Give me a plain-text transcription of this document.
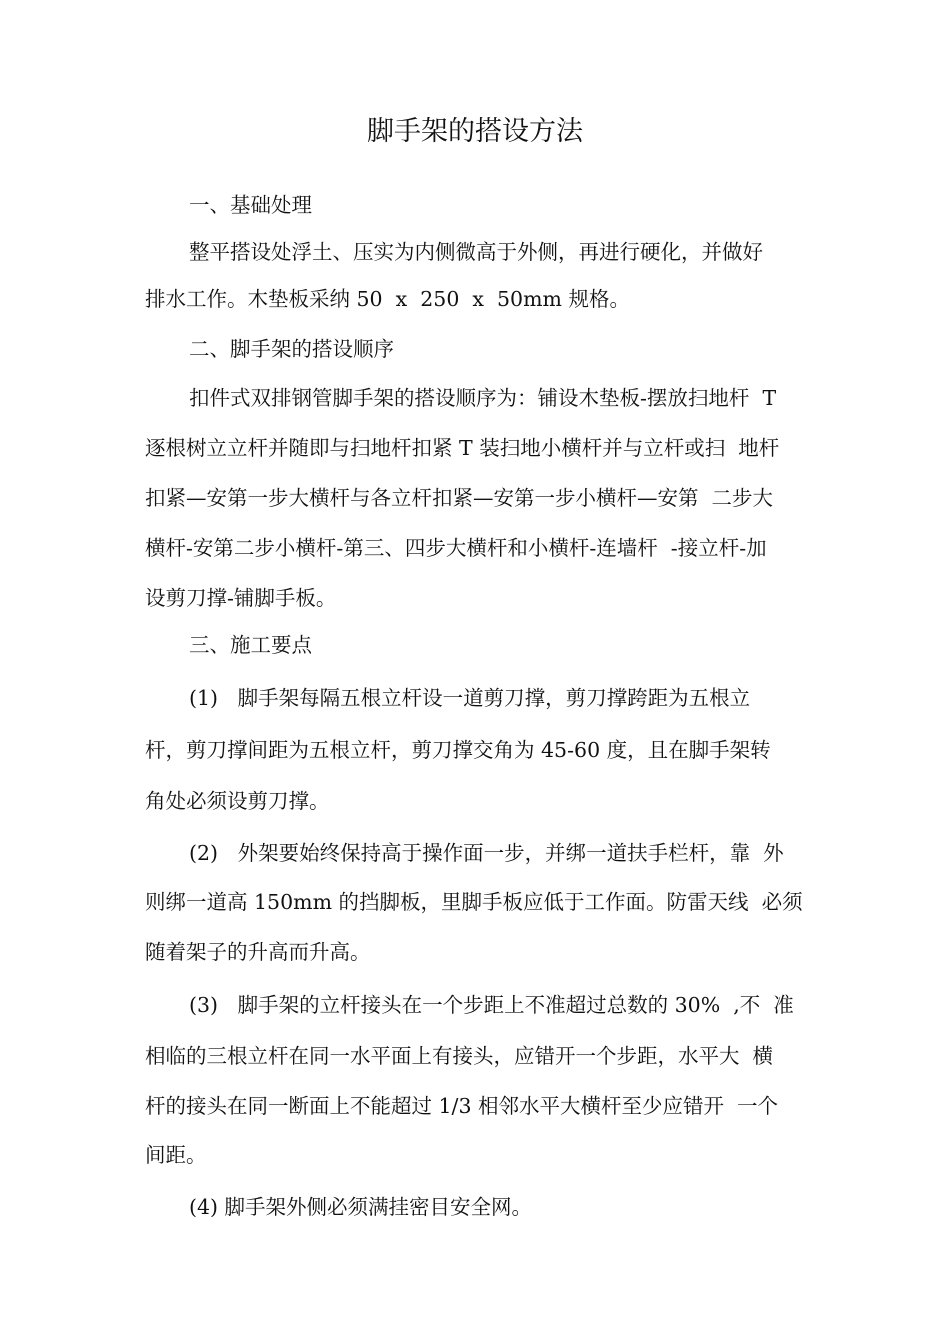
脚手架的搭设方法
一、基础处理
整平搭设处浮土、压实为内侧微高于外侧，再进行硬化，并做好
排水工作。木垫板采纳 50  x  250  x  50mm 规格。
二、脚手架的搭设顺序
扣件式双排钢管脚手架的搭设顺序为：铺设木垫板-摆放扫地杆  T
逐根树立立杆并随即与扫地杆扣紧 T 装扫地小横杆并与立杆或扫  地杆
扣紧—安第一步大横杆与各立杆扣紧—安第一步小横杆—安第  二步大
横杆-安第二步小横杆-第三、四步大横杆和小横杆-连墙杆  -接立杆-加
设剪刀撑-铺脚手板。
三、施工要点
(1)   脚手架每隔五根立杆设一道剪刀撑，剪刀撑跨距为五根立
杆，剪刀撑间距为五根立杆，剪刀撑交角为 45-60 度，且在脚手架转
角处必须设剪刀撑。
(2)   外架要始终保持高于操作面一步，并绑一道扶手栏杆，靠  外
则绑一道高 150mm 的挡脚板，里脚手板应低于工作面。防雷天线  必须
随着架子的升高而升高。
(3)   脚手架的立杆接头在一个步距上不准超过总数的 30%  ,不  准
相临的三根立杆在同一水平面上有接头，应错开一个步距，水平大  横
杆的接头在同一断面上不能超过 1/3 相邻水平大横杆至少应错开  一个
间距。
(4) 脚手架外侧必须满挂密目安全网。
